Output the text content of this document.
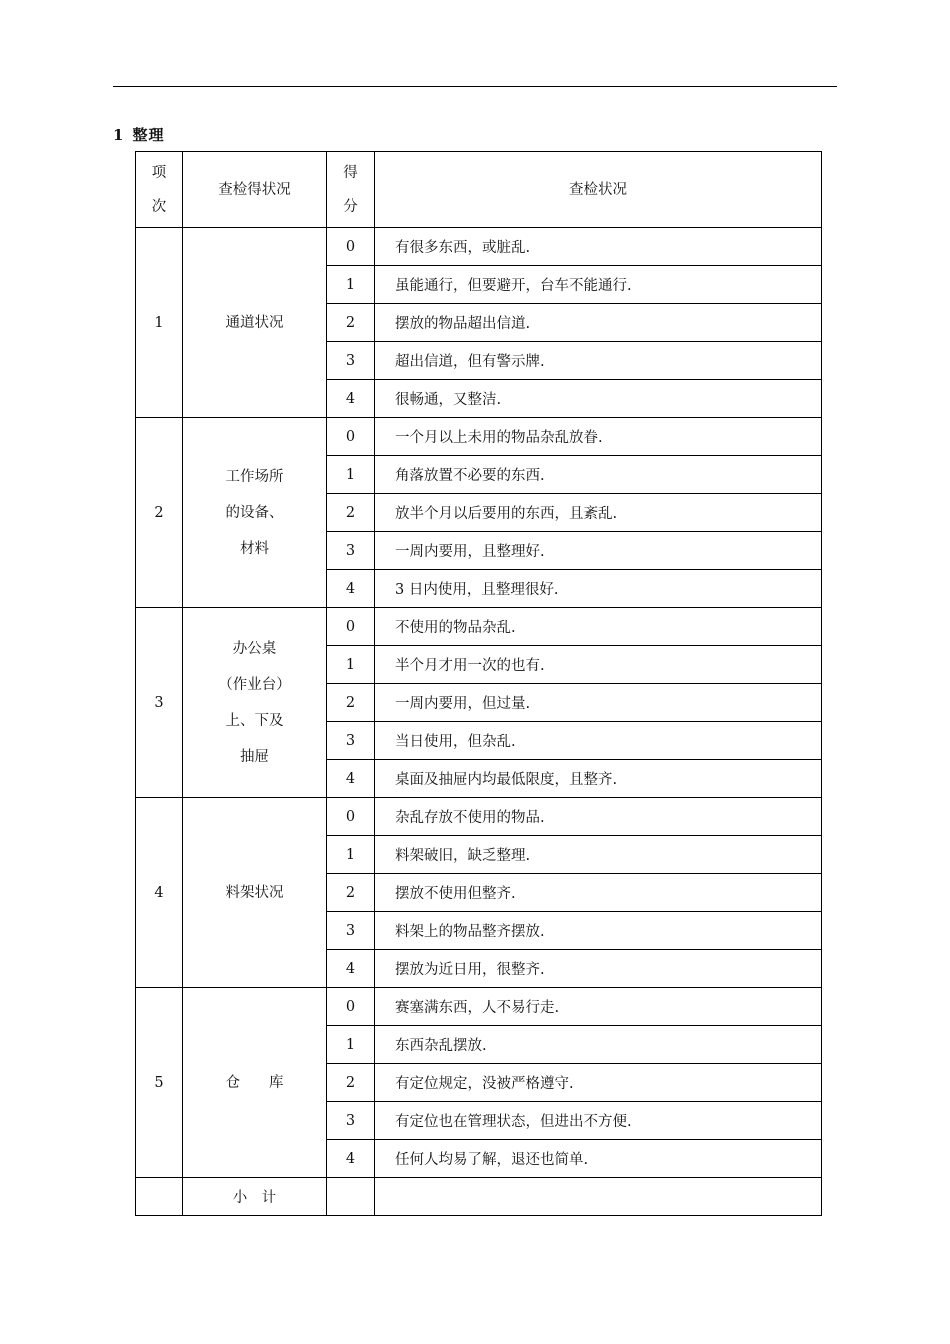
1 整理
项
次	查检得状况	得
分	查检状况
1	通道状况	0	有很多东西，或脏乱.
		1	虽能通行，但要避开，台车不能通行.
		2	摆放的物品超出信道.
		3	超出信道，但有警示牌.
		4	很畅通，又整洁.
2	工作场所
的设备、
材料	0	一个月以上未用的物品杂乱放眷.
		1	角落放置不必要的东西.
		2	放半个月以后要用的东西，且紊乱.
		3	一周内要用，且整理好.
		4	3 日内使用，且整理很好.
3	办公桌
（作业台）
上、下及
抽屉	0	不使用的物品杂乱.
		1	半个月才用一次的也有.
		2	一周内要用，但过量.
		3	当日使用，但杂乱.
		4	桌面及抽屉内均最低限度，且整齐.
4	料架状况	0	杂乱存放不使用的物品.
		1	料架破旧，缺乏整理.
		2	摆放不使用但整齐.
		3	料架上的物品整齐摆放.
		4	摆放为近日用，很整齐.
5	仓　　库	0	赛塞满东西，人不易行走.
		1	东西杂乱摆放.
		2	有定位规定，没被严格遵守.
		3	有定位也在管理状态，但进出不方便.
		4	任何人均易了解，退还也简单.
	小　计		
